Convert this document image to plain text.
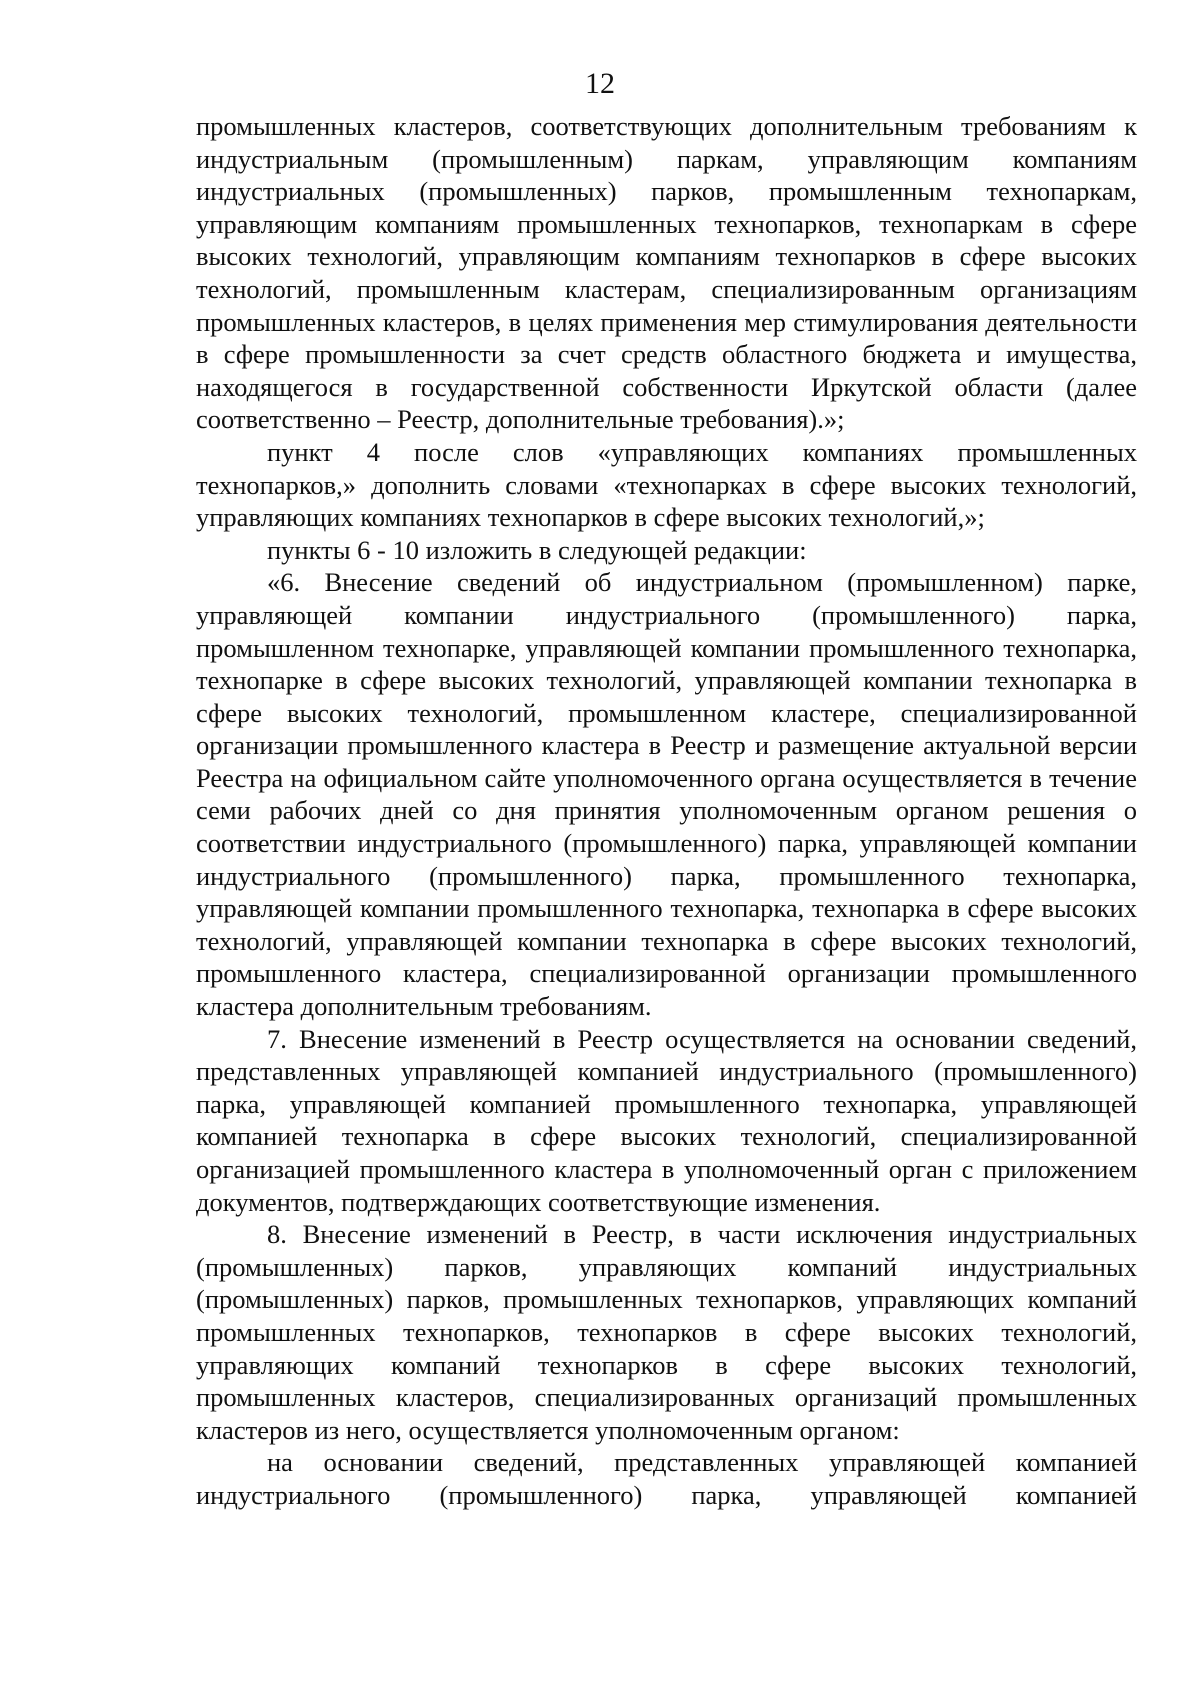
12

промышленных кластеров, соответствующих дополнительным требованиям к индустриальным (промышленным) паркам, управляющим компаниям индустриальных (промышленных) парков, промышленным технопаркам, управляющим компаниям промышленных технопарков, технопаркам в сфере высоких технологий, управляющим компаниям технопарков в сфере высоких технологий, промышленным кластерам, специализированным организациям промышленных кластеров, в целях применения мер стимулирования деятельности в сфере промышленности за счет средств областного бюджета и имущества, находящегося в государственной собственности Иркутской области (далее соответственно – Реестр, дополнительные требования).»;

пункт 4 после слов «управляющих компаниях промышленных технопарков,» дополнить словами «технопарках в сфере высоких технологий, управляющих компаниях технопарков в сфере высоких технологий,»;

пункты 6 - 10 изложить в следующей редакции:

«6. Внесение сведений об индустриальном (промышленном) парке, управляющей компании индустриального (промышленного) парка, промышленном технопарке, управляющей компании промышленного технопарка, технопарке в сфере высоких технологий, управляющей компании технопарка в сфере высоких технологий, промышленном кластере, специализированной организации промышленного кластера в Реестр и размещение актуальной версии Реестра на официальном сайте уполномоченного органа осуществляется в течение семи рабочих дней со дня принятия уполномоченным органом решения о соответствии индустриального (промышленного) парка, управляющей компании индустриального (промышленного) парка, промышленного технопарка, управляющей компании промышленного технопарка, технопарка в сфере высоких технологий, управляющей компании технопарка в сфере высоких технологий, промышленного кластера, специализированной организации промышленного кластера дополнительным требованиям.

7. Внесение изменений в Реестр осуществляется на основании сведений, представленных управляющей компанией индустриального (промышленного) парка, управляющей компанией промышленного технопарка, управляющей компанией технопарка в сфере высоких технологий, специализированной организацией промышленного кластера в уполномоченный орган с приложением документов, подтверждающих соответствующие изменения.

8. Внесение изменений в Реестр, в части исключения индустриальных (промышленных) парков, управляющих компаний индустриальных (промышленных) парков, промышленных технопарков, управляющих компаний промышленных технопарков, технопарков в сфере высоких технологий, управляющих компаний технопарков в сфере высоких технологий, промышленных кластеров, специализированных организаций промышленных кластеров из него, осуществляется уполномоченным органом:

на основании сведений, представленных управляющей компанией индустриального (промышленного) парка, управляющей компанией
